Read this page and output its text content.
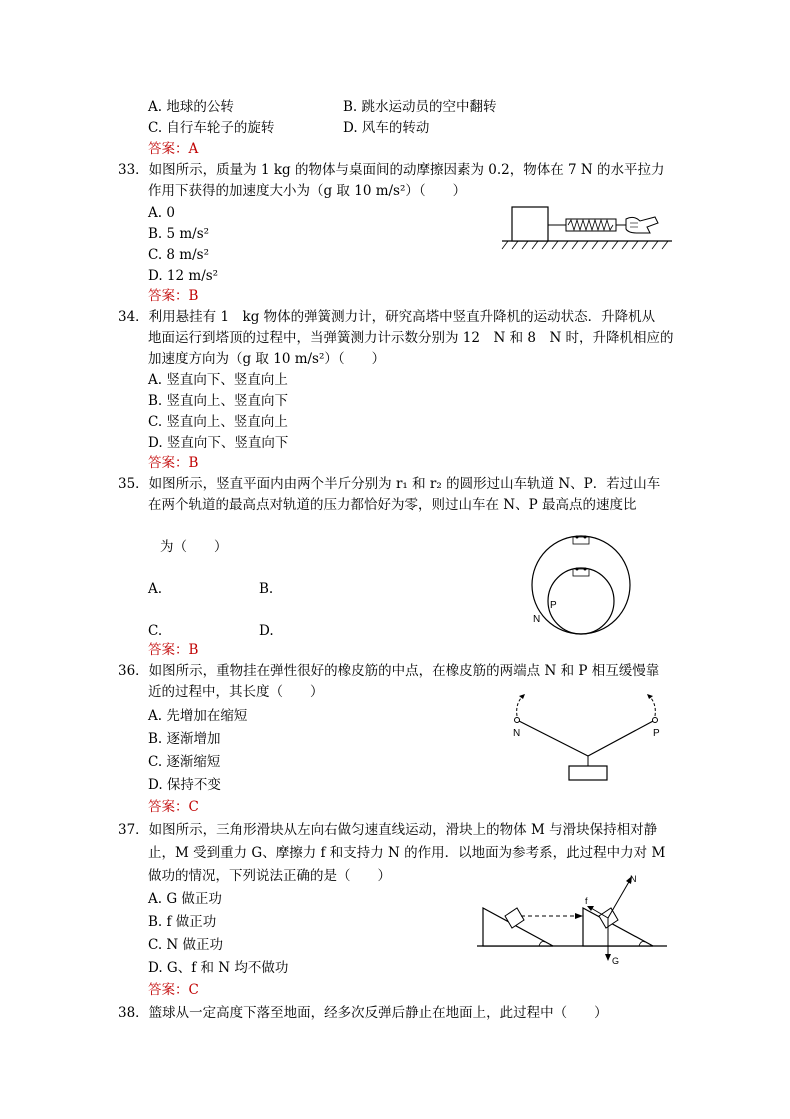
A. 地球的公转	B. 跳水运动员的空中翻转
C. 自行车轮子的旋转	D. 风车的转动
答案：A
33．如图所示，质量为 1 kg 的物体与桌面间的动摩擦因素为 0.2，物体在 7 N 的水平拉力
作用下获得的加速度大小为（g 取 10 m/s²）（　　）
A. 0
B. 5 m/s²
C. 8 m/s²
D. 12 m/s²
答案：B
34．利用悬挂有 1　kg 物体的弹簧测力计，研究高塔中竖直升降机的运动状态．升降机从
地面运行到塔顶的过程中，当弹簧测力计示数分别为 12　N 和 8　N 时，升降机相应的
加速度方向为（g 取 10 m/s²）（　　）
A. 竖直向下、竖直向上
B. 竖直向上、竖直向下
C. 竖直向上、竖直向上
D. 竖直向下、竖直向下
答案：B
35．如图所示，竖直平面内由两个半斤分别为 r₁ 和 r₂ 的圆形过山车轨道 N、P．若过山车
在两个轨道的最高点对轨道的压力都恰好为零，则过山车在 N、P 最高点的速度比
为（　　）
A.	B.
C.	D.
答案：B
P
N
36．如图所示，重物挂在弹性很好的橡皮筋的中点，在橡皮筋的两端点 N 和 P 相互缓慢靠
近的过程中，其长度（　　）
A. 先增加在缩短
B. 逐渐增加
C. 逐渐缩短
D. 保持不变
答案：C
N	P
37．如图所示，三角形滑块从左向右做匀速直线运动，滑块上的物体 M 与滑块保持相对静
止，M 受到重力 G、摩擦力 f 和支持力 N 的作用．以地面为参考系，此过程中力对 M
做功的情况，下列说法正确的是（　　）
A. G 做正功
B. f 做正功
C. N 做正功
D. G、f 和 N 均不做功
答案：C
f
N
G
38．篮球从一定高度下落至地面，经多次反弹后静止在地面上，此过程中（　　）
